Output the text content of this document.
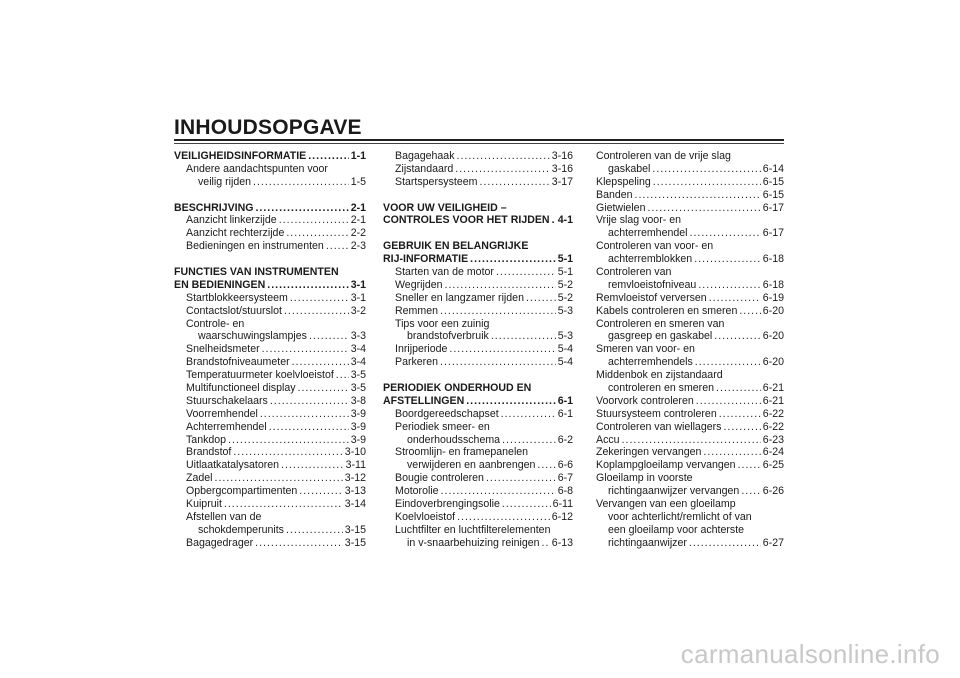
INHOUDSOPGAVE
VEILIGHEIDSINFORMATIE .....	1-1
Andere aandachtspunten voor
veilig rijden .....	1-5
BESCHRIJVING .....	2-1
Aanzicht linkerzijde .....	2-1
Aanzicht rechterzijde .....	2-2
Bedieningen en instrumenten .....	2-3
FUNCTIES VAN INSTRUMENTEN
EN BEDIENINGEN .....	3-1
Startblokkeersysteem .....	3-1
Contactslot/stuurslot .....	3-2
Controle- en
waarschuwingslampjes .....	3-3
Snelheidsmeter .....	3-4
Brandstofniveaumeter .....	3-4
Temperatuurmeter koelvloeistof ..... 3-5
Multifunctioneel display .....	3-5
Stuurschakelaars .....	3-8
Voorremhendel .....	3-9
Achterremhendel .....	3-9
Tankdop .....	3-9
Brandstof .....	3-10
Uitlaatkatalysatoren .....	3-11
Zadel .....	3-12
Opbergcompartimenten .....	3-13
Kuipruit .....	3-14
Afstellen van de
schokdemperunits .....	3-15
Bagagedrager .....	3-15
Bagagehaak .....	3-16
Zijstandaard .....	3-16
Startspersysteem .....	3-17
VOOR UW VEILIGHEID –
CONTROLES VOOR HET RIJDEN ..... 4-1
GEBRUIK EN BELANGRIJKE
RIJ-INFORMATIE .....	5-1
Starten van de motor .....	5-1
Wegrijden .....	5-2
Sneller en langzamer rijden .....	5-2
Remmen .....	5-3
Tips voor een zuinig
brandstofverbruik .....	5-3
Inrijperiode .....	5-4
Parkeren .....	5-4
PERIODIEK ONDERHOUD EN
AFSTELLINGEN .....	6-1
Boordgereedschapset .....	6-1
Periodiek smeer- en
onderhoudsschema .....	6-2
Stroomlijn- en framepanelen
verwijderen en aanbrengen ..... 6-6
Bougie controleren .....	6-7
Motorolie .....	6-8
Eindoverbrengingsolie .....	6-11
Koelvloeistof .....	6-12
Luchtfilter en luchtfilterelementen
in v-snaarbehuizing reinigen ..... 6-13
Controleren van de vrije slag
gaskabel .....	6-14
Klepspeling .....	6-15
Banden .....	6-15
Gietwielen .....	6-17
Vrije slag voor- en
achterremhendel .....	6-17
Controleren van voor- en
achterremblokken .....	6-18
Controleren van
remvloeistofniveau .....	6-18
Remvloeistof verversen .....	6-19
Kabels controleren en smeren ..... 6-20
Controleren en smeren van
gasgreep en gaskabel .....	6-20
Smeren van voor- en
achterremhendels .....	6-20
Middenbok en zijstandaard
controleren en smeren .....	6-21
Voorvork controleren .....	6-21
Stuursysteem controleren .....	6-22
Controleren van wiellagers .....	6-22
Accu .....	6-23
Zekeringen vervangen .....	6-24
Koplampgloeilamp vervangen .....	6-25
Gloeilamp in voorste
richtingaanwijzer vervangen ..... 6-26
Vervangen van een gloeilamp
voor achterlicht/remlicht of van
een gloeilamp voor achterste
richtingaanwijzer .....	6-27
carmanualsonline.info
